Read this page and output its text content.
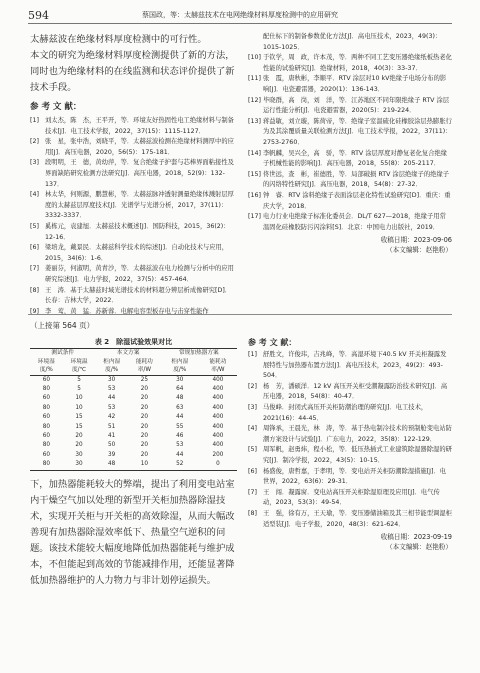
594	蔡国政，等：太赫兹技术在电网绝缘材料厚度检测中的应用研究

太赫兹波在绝缘材料厚度检测中的可行性。
本文的研究为绝缘材料厚度检测提供了新的方法，同时也为绝缘材料的在线监测和状态评价提供了新技术手段。

参 考 文 献：

[1] 刘太杰，陈　杰，王平开，等．环境友好热固性电工绝缘材料与制备技术[J]．电工技术学报，2022，37(15)：1115-1127．
[2] 张　星，张中浩，刘晓平，等．太赫兹波检测在绝缘材料测厚中的应用[J]．高压电器，2020，56(5)：175-181．
[3] 段明明，王　德，黄幼萍，等．复合绝缘子护套与芯棒界面粘接性及界面缺陷研究检测方法研究[J]．高压电器，2018，52(9)：132-137．
[4] 林太华，何则源，鹏慧彬，等．太赫兹脉冲透射测量绝缘体溅射层厚度的太赫兹层厚度技术[J]．光谱学与光谱分析，2017，37(11)：3332-3337．
[5] 奚栋元，袁建旭．太赫兹技术概述[J]．国防科技，2015，36(2)：12-16．
[6] 梁培龙，戴景民．太赫兹科学技术的综述[J]．自动化技术与应用，2015，34(6)：1-6．
[7] 姜丽芬，何淑明，黄青沙，等．太赫兹波在电力检测与分析中的应用研究综述[J]．电力学报，2022，37(5)：457-464．
[8] 王　涛．基于太赫兹时域光谱技术的材料超分辨层析成像研究[D]．长春：吉林大学，2022．
[9] 李　莺，黄　猛．苏新蓉．电解电容型板存电与击穿性能作
配仕标下的制备参数优化方法[J]．高电压技术，2023，49(3)：1015-1025．
[10] 于钦学，周　政，许本茂，等．两种不同工艺变压器绝缘纸板热老化性能的试验研究[J]．绝缘材料，2018，40(3)：33-37．
[11] 张　霞，唐秋彬，李顺平．RTV 涂层对10 kV绝缘子电场分布的影响[J]．电瓷避雷器，2020(1)：136-143．
[12] 毕晓群，高　岗，刘　洋，等．江苏地区不同年限绝缘子 RTV 涂层运行性能分析[J]．电瓷避雷器，2020(5)：219-224．
[13] 蒋益敏，刘立璇，陈荷帝，等．绝缘子室温硫化硅橡胶涂层热膨胀行为及其涂覆质量关联检测方法[J]．电工技术学报，2022，37(11)：2753-2760．
[14] 李帆麟，吴兴全，高　骄，等．RTV 涂层厚度对静复老化复合绝缘子机械性能的影响[J]．高压电器，2018，55(8)：205-2117．
[15] 佟世远，查　彬，崔德胜，等．局部破损 RTV 涂层绝缘子的绝缘子的闪络特性研究[J]．高压电器，2018，54(8)：27-32．
[16] 钟　睿．RTV 涂料绝缘子表面涂层老化特性试验研究[D]．重庆：重庆大学，2018．
[17] 电力行业电绝缘子标准化委员会．DL/T 627—2018，绝缘子用常温固化硅橡胶防污闪涂料[S]．北京：中国电力出版社，2019．
收稿日期：2023-09-06
（本文编辑：赵艳粉）
（上接第 564 页）
表 2　除湿试验效果对比
测试条件		本文方案		常规加热器方案	
环境湿	环境温	柜内湿	能耗功	柜内湿	能耗功
度/%	度/℃	度/%	率/W	度/%	率/W
60	5	30	25	30	400
80	5	53	20	64	400
60	10	44	20	48	400
80	10	53	20	63	400
60	15	42	20	44	400
80	15	51	20	55	400
60	20	41	20	46	400
80	20	50	20	53	400
60	30	39	20	44	200
80	30	48	10	52	0

下，加热器能耗较大的弊端，提出了利用变电站室内干燥空气加以处理的新型开关柜加热器除湿技术，实现开关柜与开关柜的高效除湿，从而大幅改善现有加热器除湿效率低下、热量空气逆积的问题。该技术能较大幅度地降低加热器能耗与维护成本，不但能起到高效的节能减排作用，还能显著降低加热器维护的人力物力与非计划停运损失。

参 考 文 献：

[1] 舒胜文，许俊玮，吉兆峰，等．高湿环境下40.5 kV 开关柜凝露发展特性与加热器布置方法[J]．高电压技术，2023，49(2)：493-504．
[2] 杨　芳，潘硕洋．12 kV 高压开关柜受潮凝露防治技术研究[J]．高压电器，2018，54(8)：40-47．
[3] 马俊峰．封闭式高压开关柜防潮治理的研究[J]．电工技术，2021(16)：44-45．
[4] 周锋承，王晨光，林　涛，等．基于热电制冷技术的预制舱变电站防潮方案设计与试验[J]．广东电力，2022，35(8)：122-129．
[5] 周军帆，赵勇炜，程小松，等．低压热插式工业建筑除湿器除湿的研究[J]．制冷学报，2022，43(5)：10-15．
[6] 杨盛俊，唐哲嘉，于孝明，等．变电站开关柜防潮除湿措施[J]．电世界，2022，63(6)：29-31．
[7] 王　闯．凝露窗．变电站高压开关柜除湿原理及应用[J]．电气传动，2023，53(3)：49-54．
[8] 王　强，徐有万，王天瑜，等．变压器储油箱及其三相节能型调湿柜适型装[J]．电子学报，2020，48(3)：621-624．
收稿日期：2023-09-19
（本文编辑：赵艳粉）
